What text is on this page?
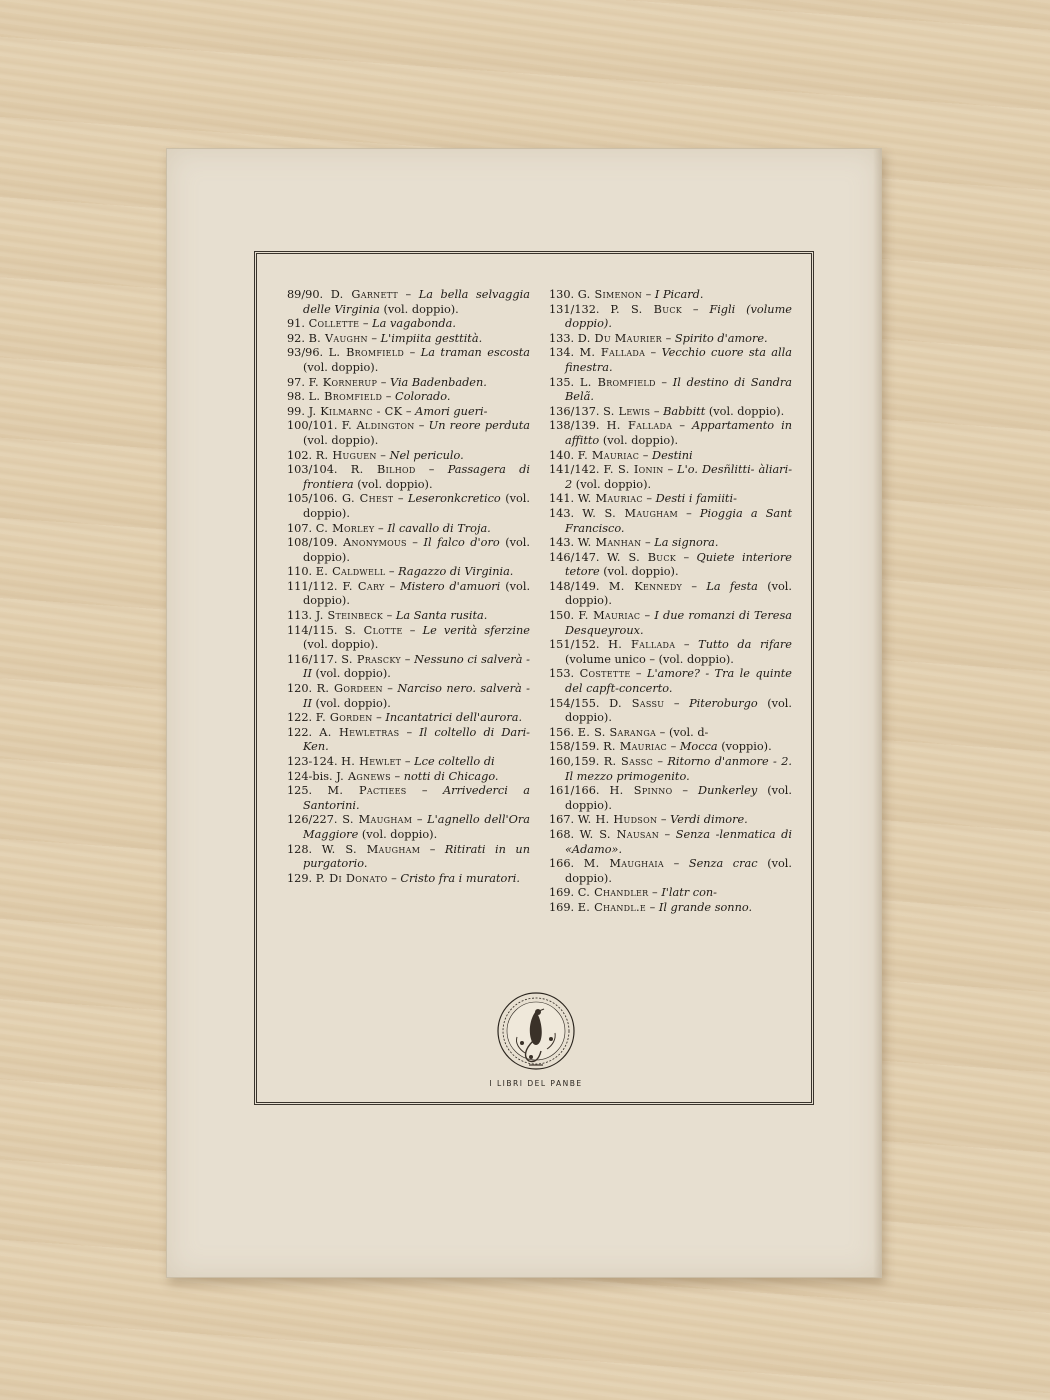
89/90. D. Garnett – La bella selvaggia delle Virginia (vol. doppio).

91. Collette – La vagabonda.

92. B. Vaughn – L'impiita gesttità.

93/96. L. Bromfield – La traman escosta (vol. doppio).

97. F. Kornerup – Via Badenbaden.

98. L. Bromfield – Colorado.

99. J. Kilmarnc - CK – Amori gueri-

100/101. F. Aldington – Un reore perduta (vol. doppio).

102. R. Huguen – Nel periculo.

103/104. R. Bilhod – Passagera di frontiera (vol. doppio).

105/106. G. Chest – Leseronkcretico (vol. doppio).

107. C. Morley – Il cavallo di Troja.

108/109. Anonymous – Il falco d'oro (vol. doppio).

110. E. Caldwell – Ragazzo di Virginia.

111/112. F. Cary – Mistero d'amuori (vol. doppio).

113. J. Steinbeck – La Santa rusita.

114/115. S. Clotte – Le verità sferzine (vol. doppio).

116/117. S. Prascky – Nessuno ci salverà - II (vol. doppio).

120. R. Gordeen – Narciso nero. salverà - II (vol. doppio).

122. F. Gorden – Incantatrici dell'aurora.

122. A. Hewletras – Il coltello di Dari-Ken.

123-124. H. Hewlet – Lce coltello di

124-bis. J. Agnews – notti di Chicago.

125. M. Pactiees – Arrivederci a Santorini.

126/227. S. Maugham – L'agnello dell'Ora Maggiore (vol. doppio).

128. W. S. Maugham – Ritirati in un purgatorio.

129. P. Di Donato – Cristo fra i muratori.

130. G. Simenon – I Picard.

131/132. P. S. Buck – Figli (volume doppio).

133. D. Du Maurier – Spirito d'amore.

134. M. Fallada – Vecchio cuore sta alla finestra.

135. L. Bromfield – Il destino di Sandra Belã.

136/137. S. Lewis – Babbitt (vol. doppio).

138/139. H. Fallada – Appartamento in affitto (vol. doppio).

140. F. Mauriac – Destini

141/142. F. S. Ionin – L'o. Desñlitti- àliari-2 (vol. doppio).

141. W. Mauriac – Desti i famiiti-

143. W. S. Maugham – Pioggia a Sant Francisco.

143. W. Manhan – La signora.

146/147. W. S. Buck – Quiete interiore tetore (vol. doppio).

148/149. M. Kennedy – La festa (vol. doppio).

150. F. Mauriac – I due romanzi di Teresa Desqueyroux.

151/152. H. Fallada – Tutto da rifare (volume unico – (vol. doppio).

153. Costette – L'amore? - Tra le quinte del capft-concerto.

154/155. D. Sassu – Piteroburgo (vol. doppio).

156. E. S. Saranga – (vol. d-

158/159. R. Mauriac – Mocca (voppio).

160,159. R. Sassc – Ritorno d'anmore - 2. Il mezzo primogenito.

161/166. H. Spinno – Dunkerley (vol. doppio).

167. W. H. Hudson – Verdi dimore.

168. W. S. Nausan – Senza -lenmatica di «Adamo».

166. M. Maughaia – Senza crac (vol. doppio).

169. C. Chandler – I'latr con-

169. E. Chandl.e – Il grande sonno.

I LIBRI DEL PANBE
